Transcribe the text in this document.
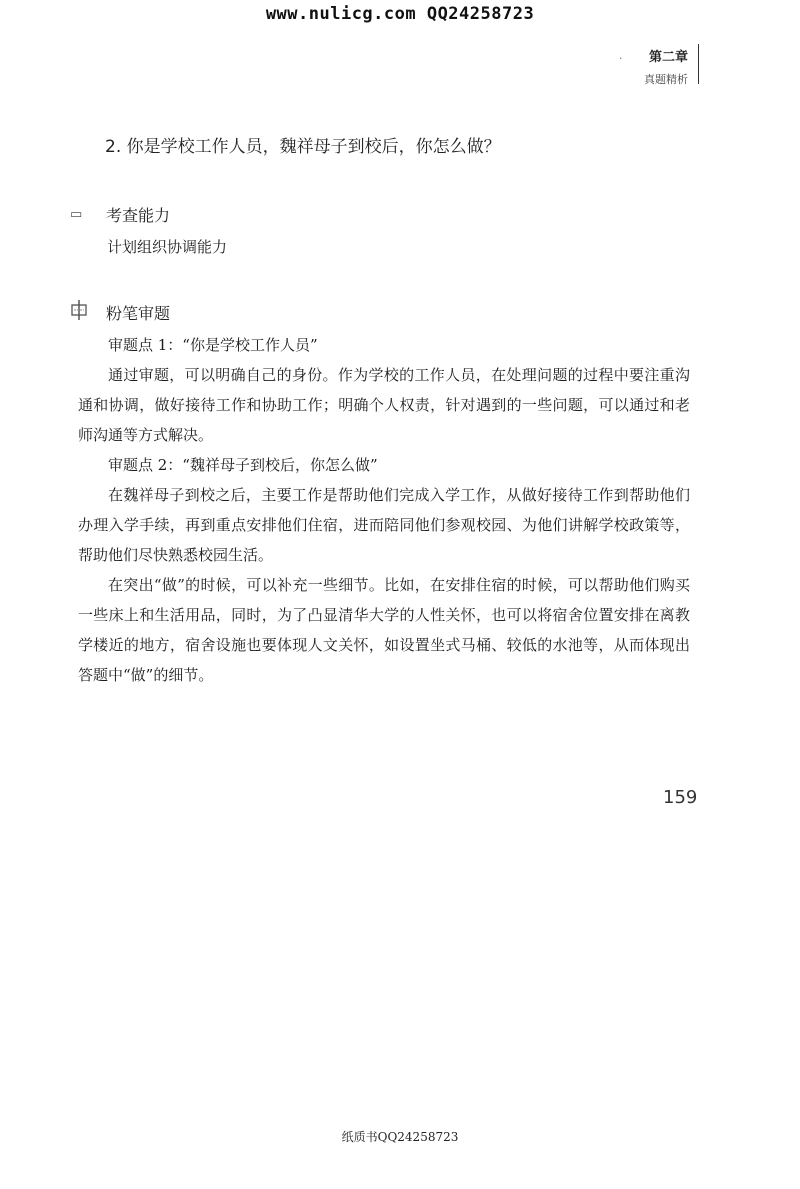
www.nulicg.com QQ24258723
·	第二章
真题精析
2. 你是学校工作人员，魏祥母子到校后，你怎么做？
▭	考查能力
计划组织协调能力
粉笔审题

审题点 1：“你是学校工作人员”

通过审题，可以明确自己的身份。作为学校的工作人员，在处理问题的过程中要注重沟通和协调，做好接待工作和协助工作；明确个人权责，针对遇到的一些问题，可以通过和老师沟通等方式解决。

审题点 2：“魏祥母子到校后，你怎么做”

在魏祥母子到校之后，主要工作是帮助他们完成入学工作，从做好接待工作到帮助他们办理入学手续，再到重点安排他们住宿，进而陪同他们参观校园、为他们讲解学校政策等，帮助他们尽快熟悉校园生活。

在突出“做”的时候，可以补充一些细节。比如，在安排住宿的时候，可以帮助他们购买一些床上和生活用品，同时，为了凸显清华大学的人性关怀，也可以将宿舍位置安排在离教学楼近的地方，宿舍设施也要体现人文关怀，如设置坐式马桶、较低的水池等，从而体现出答题中“做”的细节。

159
纸质书QQ24258723
